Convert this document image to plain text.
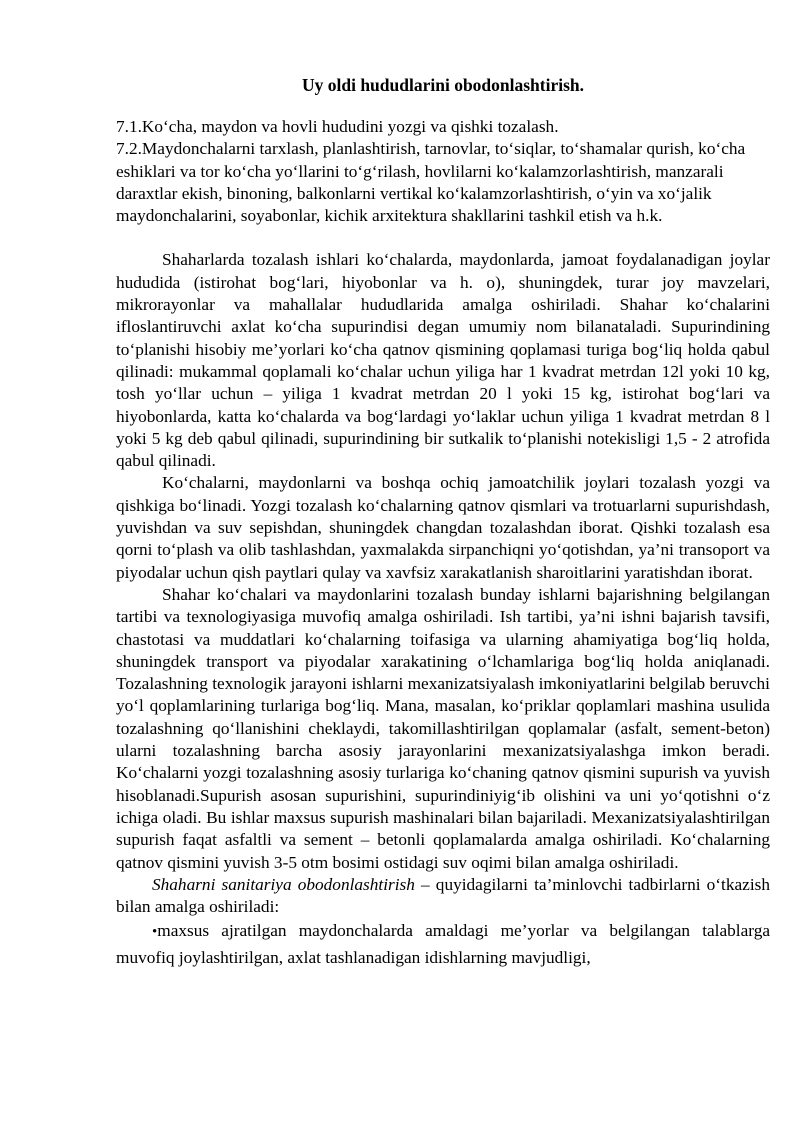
Uy oldi hududlarini obodonlashtirish.

7.1.Ko‘cha, maydon va hovli hududini yozgi va qishki tozalash.

7.2.Maydonchalarni tarxlash, planlashtirish, tarnovlar, to‘siqlar, to‘shamalar qurish, ko‘cha eshiklari va tor ko‘cha yo‘llarini to‘g‘rilash, hovlilarni ko‘kalamzorlashtirish, manzarali daraxtlar ekish, binoning, balkonlarni vertikal ko‘kalamzorlashtirish, o‘yin va xo‘jalik maydonchalarini, soyabonlar, kichik arxitektura shakllarini tashkil etish va h.k.

Shaharlarda tozalash ishlari ko‘chalarda, maydonlarda, jamoat foydalanadigan joylar hududida (istirohat bog‘lari, hiyobonlar va h. o), shuningdek, turar joy mavzelari, mikrorayonlar va mahallalar hududlarida amalga oshiriladi. Shahar ko‘chalarini ifloslantiruvchi axlat ko‘cha supurindisi degan umumiy nom bilanataladi. Supurindining to‘planishi hisobiy me’yorlari ko‘cha qatnov qismining qoplamasi turiga bog‘liq holda qabul qilinadi: mukammal qoplamali ko‘chalar uchun yiliga har 1 kvadrat metrdan 12l yoki 10 kg, tosh yo‘llar uchun – yiliga 1 kvadrat metrdan 20 l yoki 15 kg, istirohat bog‘lari va hiyobonlarda, katta ko‘chalarda va bog‘lardagi yo‘laklar uchun yiliga 1 kvadrat metrdan 8 l yoki 5 kg deb qabul qilinadi, supurindining bir sutkalik to‘planishi notekisligi 1,5 - 2 atrofida qabul qilinadi.

Ko‘chalarni, maydonlarni va boshqa ochiq jamoatchilik joylari tozalash yozgi va qishkiga bo‘linadi. Yozgi tozalash ko‘chalarning qatnov qismlari va trotuarlarni supurishdash, yuvishdan va suv sepishdan, shuningdek changdan tozalashdan iborat. Qishki tozalash esa qorni to‘plash va olib tashlashdan, yaxmalakda sirpanchiqni yo‘qotishdan, ya’ni transoport va piyodalar uchun qish paytlari qulay va xavfsiz xarakatlanish sharoitlarini yaratishdan iborat.

Shahar ko‘chalari va maydonlarini tozalash bunday ishlarni bajarishning belgilangan tartibi va texnologiyasiga muvofiq amalga oshiriladi. Ish tartibi, ya’ni ishni bajarish tavsifi, chastotasi va muddatlari ko‘chalarning toifasiga va ularning ahamiyatiga bog‘liq holda, shuningdek transport va piyodalar xarakatining o‘lchamlariga bog‘liq holda aniqlanadi. Tozalashning texnologik jarayoni ishlarni mexanizatsiyalash imkoniyatlarini belgilab beruvchi yo‘l qoplamlarining turlariga bog‘liq. Mana, masalan, ko‘priklar qoplamlari mashina usulida tozalashning qo‘llanishini cheklaydi, takomillashtirilgan qoplamalar (asfalt, sement-beton) ularni tozalashning barcha asosiy jarayonlarini mexanizatsiyalashga imkon beradi. Ko‘chalarni yozgi tozalashning asosiy turlariga ko‘chaning qatnov qismini supurish va yuvish hisoblanadi.Supurish asosan supurishini, supurindiniyig‘ib olishini va uni yo‘qotishni o‘z ichiga oladi. Bu ishlar maxsus supurish mashinalari bilan bajariladi. Mexanizatsiyalashtirilgan supurish faqat asfaltli va sement – betonli qoplamalarda amalga oshiriladi. Ko‘chalarning qatnov qismini yuvish 3-5 otm bosimi ostidagi suv oqimi bilan amalga oshiriladi.

Shaharni sanitariya obodonlashtirish – quyidagilarni ta’minlovchi tadbirlarni o‘tkazish bilan amalga oshiriladi:

•maxsus ajratilgan maydonchalarda amaldagi me’yorlar va belgilangan talablarga muvofiq joylashtirilgan, axlat tashlanadigan idishlarning mavjudligi,
